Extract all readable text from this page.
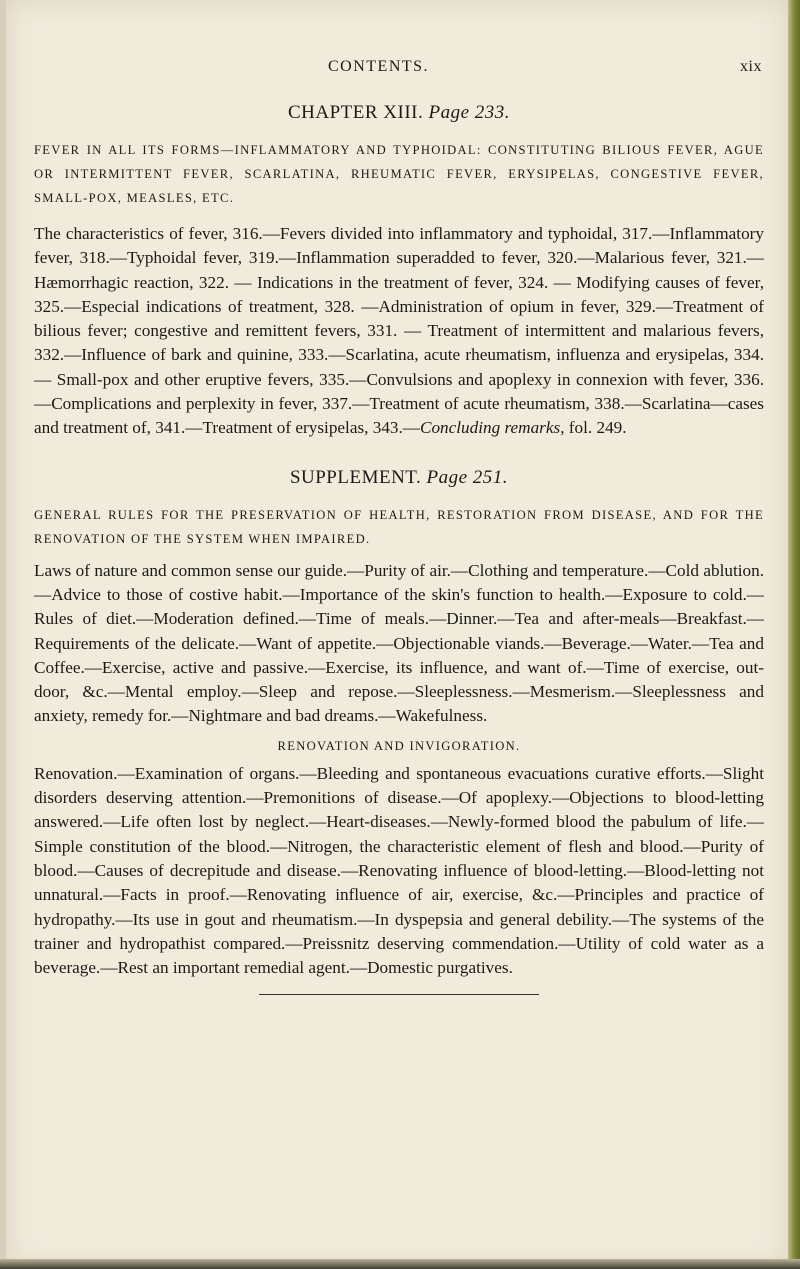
CONTENTS.	xix
CHAPTER XIII. Page 233.

FEVER IN ALL ITS FORMS—INFLAMMATORY AND TYPHOIDAL: CONSTITUTING BILIOUS FEVER, AGUE OR INTERMITTENT FEVER, SCARLATINA, RHEUMATIC FEVER, ERYSIPELAS, CONGESTIVE FEVER, SMALL-POX, MEASLES, ETC.

The characteristics of fever, 316.—Fevers divided into inflammatory and typhoidal, 317.—Inflammatory fever, 318.—Typhoidal fever, 319.—Inflammation superadded to fever, 320.—Malarious fever, 321.—Hæmorrhagic reaction, 322. — Indications in the treatment of fever, 324. — Modifying causes of fever, 325.—Especial indications of treatment, 328. —Administration of opium in fever, 329.—Treatment of bilious fever; congestive and remittent fevers, 331. — Treatment of intermittent and malarious fevers, 332.—Influence of bark and quinine, 333.—Scarlatina, acute rheumatism, influenza and erysipelas, 334. — Small-pox and other eruptive fevers, 335.—Convulsions and apoplexy in connexion with fever, 336.—Complications and perplexity in fever, 337.—Treatment of acute rheumatism, 338.—Scarlatina—cases and treatment of, 341.—Treatment of erysipelas, 343.—Concluding remarks, fol. 249.

SUPPLEMENT. Page 251.

GENERAL RULES FOR THE PRESERVATION OF HEALTH, RESTORATION FROM DISEASE, AND FOR THE RENOVATION OF THE SYSTEM WHEN IMPAIRED.

Laws of nature and common sense our guide.—Purity of air.—Clothing and temperature.—Cold ablution.—Advice to those of costive habit.—Importance of the skin's function to health.—Exposure to cold.—Rules of diet.—Moderation defined.—Time of meals.—Dinner.—Tea and after-meals—Breakfast.—Requirements of the delicate.—Want of appetite.—Objectionable viands.—Beverage.—Water.—Tea and Coffee.—Exercise, active and passive.—Exercise, its influence, and want of.—Time of exercise, out-door, &c.—Mental employ.—Sleep and repose.—Sleeplessness.—Mesmerism.—Sleeplessness and anxiety, remedy for.—Nightmare and bad dreams.—Wakefulness.

RENOVATION AND INVIGORATION.

Renovation.—Examination of organs.—Bleeding and spontaneous evacuations curative efforts.—Slight disorders deserving attention.—Premonitions of disease.—Of apoplexy.—Objections to blood-letting answered.—Life often lost by neglect.—Heart-diseases.—Newly-formed blood the pabulum of life.—Simple constitution of the blood.—Nitrogen, the characteristic element of flesh and blood.—Purity of blood.—Causes of decrepitude and disease.—Renovating influence of blood-letting.—Blood-letting not unnatural.—Facts in proof.—Renovating influence of air, exercise, &c.—Principles and practice of hydropathy.—Its use in gout and rheumatism.—In dyspepsia and general debility.—The systems of the trainer and hydropathist compared.—Preissnitz deserving commendation.—Utility of cold water as a beverage.—Rest an important remedial agent.—Domestic purgatives.
